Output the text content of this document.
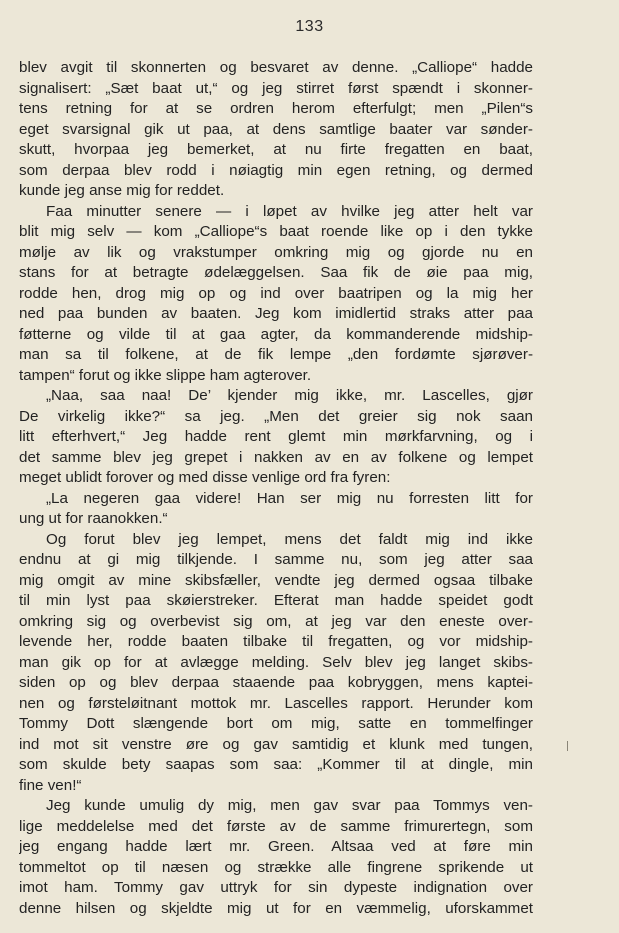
133
blev avgit til skonnerten og besvaret av denne. „Calliope“ hadde
signalisert: „Sæt baat ut,“ og jeg stirret først spændt i skonner-
tens retning for at se ordren herom efterfulgt; men „Pilen“s
eget svarsignal gik ut paa, at dens samtlige baater var sønder-
skutt, hvorpaa jeg bemerket, at nu firte fregatten en baat,
som derpaa blev rodd i nøiagtig min egen retning, og dermed
kunde jeg anse mig for reddet.
Faa minutter senere — i løpet av hvilke jeg atter helt var
blit mig selv — kom „Calliope“s baat roende like op i den tykke
mølje av lik og vrakstumper omkring mig og gjorde nu en
stans for at betragte ødelæggelsen. Saa fik de øie paa mig,
rodde hen, drog mig op og ind over baatripen og la mig her
ned paa bunden av baaten. Jeg kom imidlertid straks atter paa
føtterne og vilde til at gaa agter, da kommanderende midship-
man sa til folkene, at de fik lempe „den fordømte sjørøver-
tampen“ forut og ikke slippe ham agterover.
„Naa, saa naa! De’ kjender mig ikke, mr. Lascelles, gjør
De virkelig ikke?“ sa jeg. „Men det greier sig nok saan
litt efterhvert,“ Jeg hadde rent glemt min mørkfarvning, og i
det samme blev jeg grepet i nakken av en av folkene og lempet
meget ublidt forover og med disse venlige ord fra fyren:
„La negeren gaa videre! Han ser mig nu forresten litt for
ung ut for raanokken.“
Og forut blev jeg lempet, mens det faldt mig ind ikke
endnu at gi mig tilkjende. I samme nu, som jeg atter saa
mig omgit av mine skibsfæller, vendte jeg dermed ogsaa tilbake
til min lyst paa skøierstreker. Efterat man hadde speidet godt
omkring sig og overbevist sig om, at jeg var den eneste over-
levende her, rodde baaten tilbake til fregatten, og vor midship-
man gik op for at avlægge melding. Selv blev jeg langet skibs-
siden op og blev derpaa staaende paa kobryggen, mens kaptei-
nen og førsteløitnant mottok mr. Lascelles rapport. Herunder kom
Tommy Dott slængende bort om mig, satte en tommelfinger
ind mot sit venstre øre og gav samtidig et klunk med tungen,
som skulde bety saapas som saa: „Kommer til at dingle, min
fine ven!“
Jeg kunde umulig dy mig, men gav svar paa Tommys ven-
lige meddelelse med det første av de samme frimurertegn, som
jeg engang hadde lært mr. Green. Altsaa ved at føre min
tommeltot op til næsen og strække alle fingrene sprikende ut
imot ham. Tommy gav uttryk for sin dypeste indignation over
denne hilsen og skjeldte mig ut for en væmmelig, uforskammet
